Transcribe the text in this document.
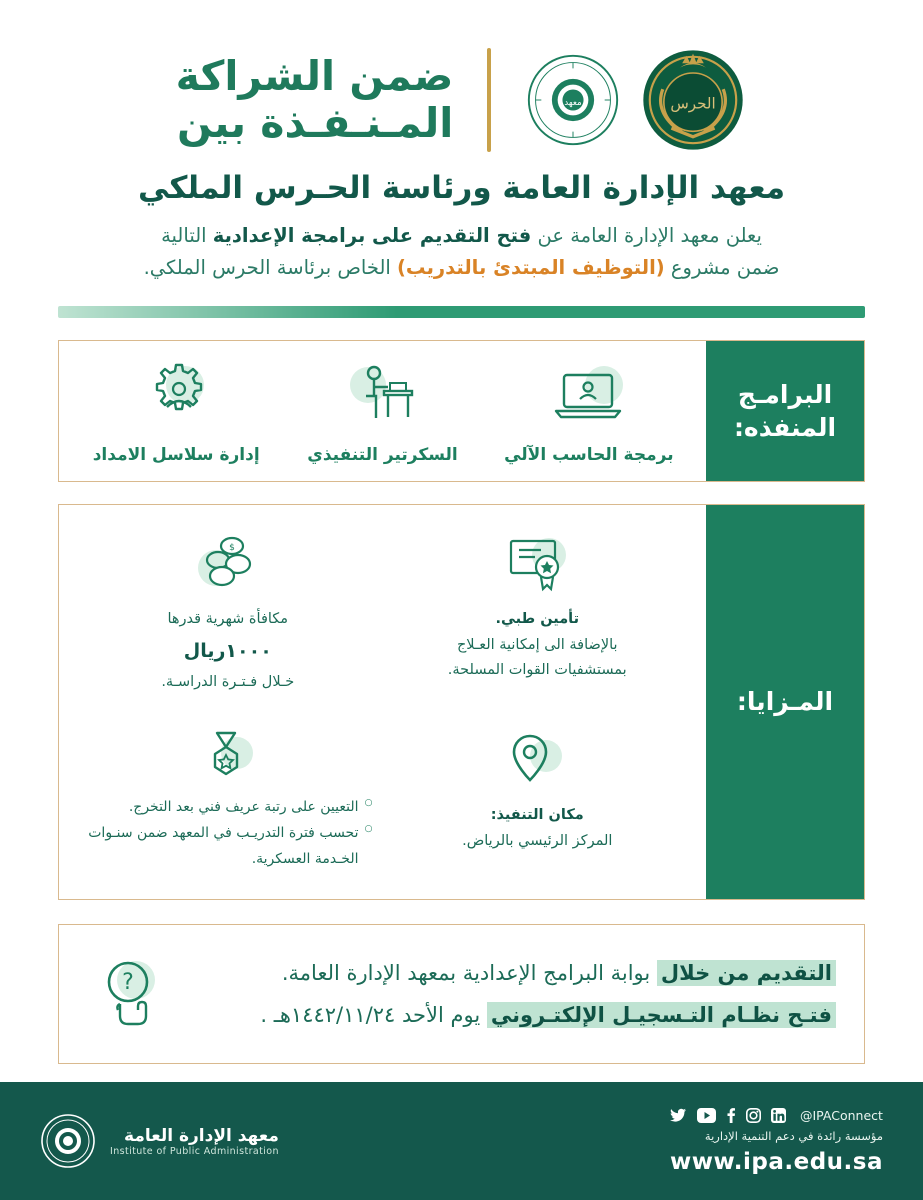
الحرس
معهد
ضمن الشراكة
المـنـفـذة بين
معهد الإدارة العامة ورئاسة الحـرس الملكي
يعلن معهد الإدارة العامة عن فتح التقديم على برامجة الإعدادية التالية
ضمن مشروع (التوظيف المبتدئ بالتدريب) الخاص برئاسة الحرس الملكي.
البرامـج المنفذه:
برمجة الحاسب الآلي
السكرتير التنفيذي
إدارة سلاسل الامداد
المـزايا:
تأمين طبي.
بالإضافة الى إمكانية العـلاج
بمستشفيات القوات المسلحة.
$
مكافأة شهرية قدرها
١٠٠٠ريال
خـلال فـتـرة الدراسـة.
مكان التنفيذ:
المركز الرئيسي بالرياض.
○ التعيين على رتبة عريف فني بعد التخرج.
○ تحسب فترة التدريـب في المعهد ضمن سنـوات الخـدمة العسكرية.
التقديم من خلال بوابة البرامج الإعدادية بمعهد الإدارة العامة.
فتـح نظـام التـسجيـل الإلكتـروني يوم الأحد ١٤٤٢/١١/٢٤هـ .
?
@IPAConnect
مؤسسة رائدة في دعم التنمية الإدارية
www.ipa.edu.sa
معهد الإدارة العامة
Institute of Public Administration
